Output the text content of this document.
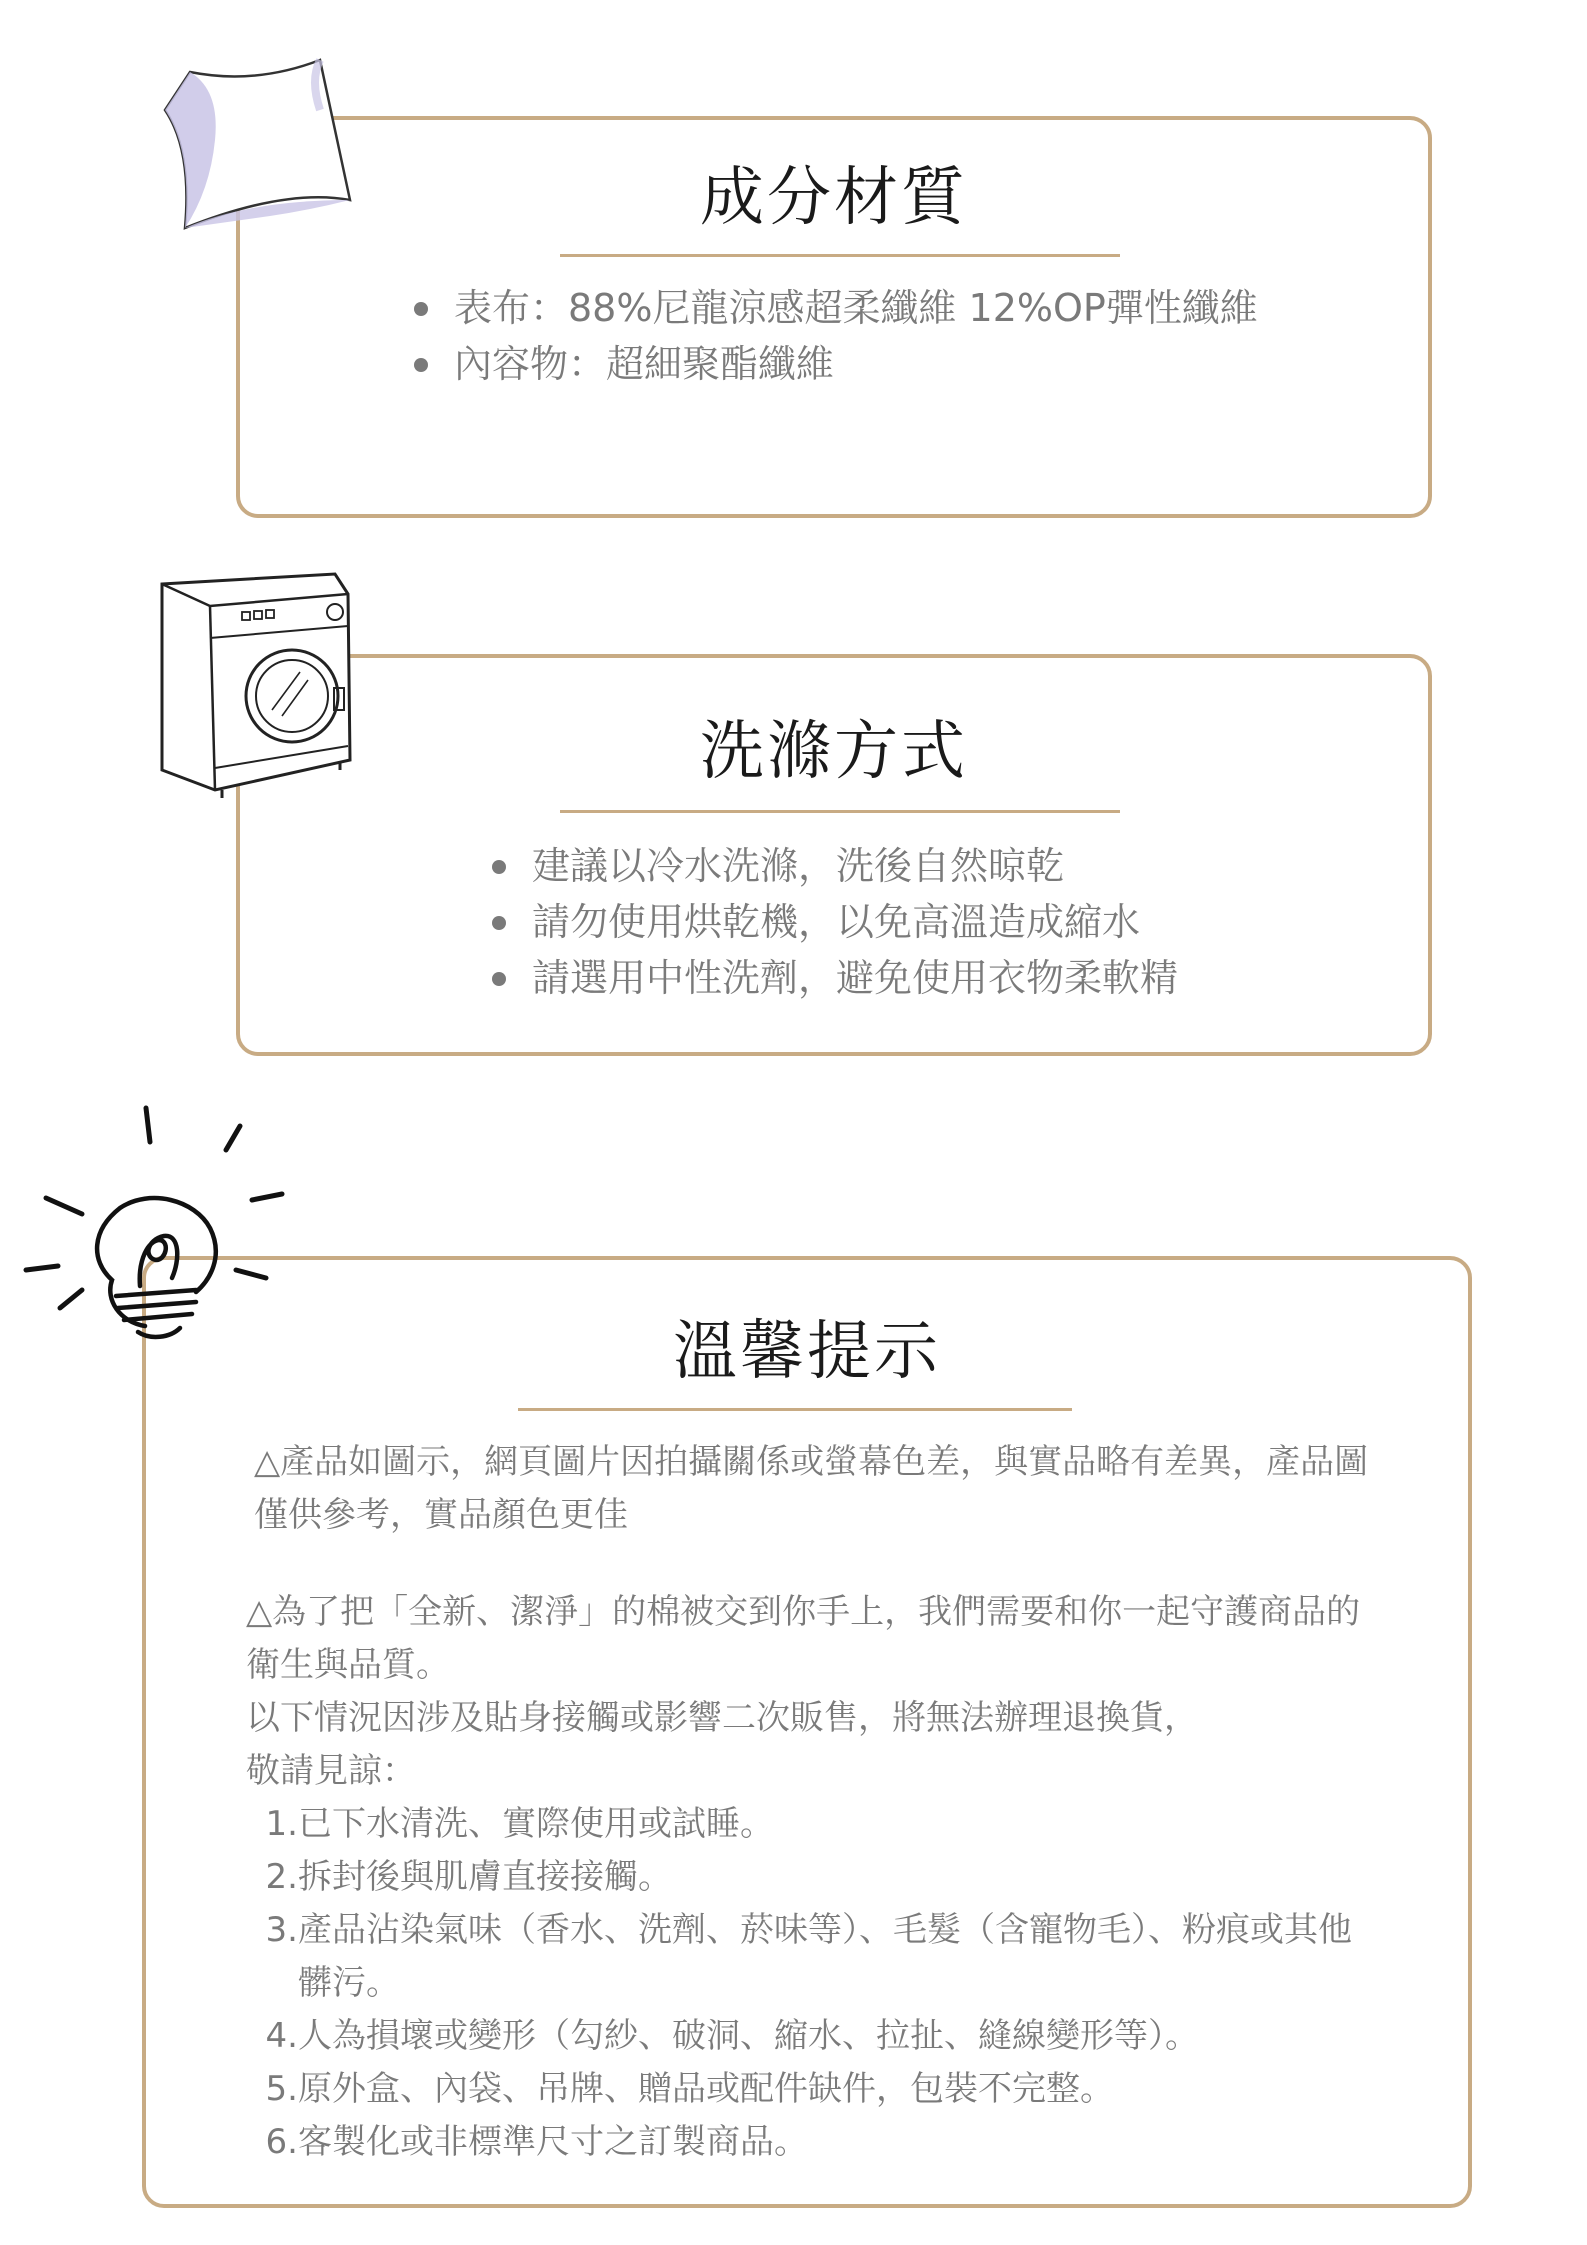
成分材質
表布：88%尼龍涼感超柔纖維 12%OP彈性纖維
內容物：超細聚酯纖維
洗滌方式
建議以冷水洗滌，洗後自然晾乾
請勿使用烘乾機，以免高溫造成縮水
請選用中性洗劑，避免使用衣物柔軟精
溫馨提示

△產品如圖示，網頁圖片因拍攝關係或螢幕色差，與實品略有差異，產品圖僅供參考，實品顏色更佳

△為了把「全新、潔淨」的棉被交到你手上，我們需要和你一起守護商品的衛生與品質。

以下情況因涉及貼身接觸或影響二次販售，將無法辦理退換貨，

敬請見諒：

1. 已下水清洗、實際使用或試睡。
2. 拆封後與肌膚直接接觸。
3. 產品沾染氣味（香水、洗劑、菸味等）、毛髮（含寵物毛）、粉痕或其他髒污。
4. 人為損壞或變形（勾紗、破洞、縮水、拉扯、縫線變形等）。
5. 原外盒、內袋、吊牌、贈品或配件缺件，包裝不完整。
6. 客製化或非標準尺寸之訂製商品。
